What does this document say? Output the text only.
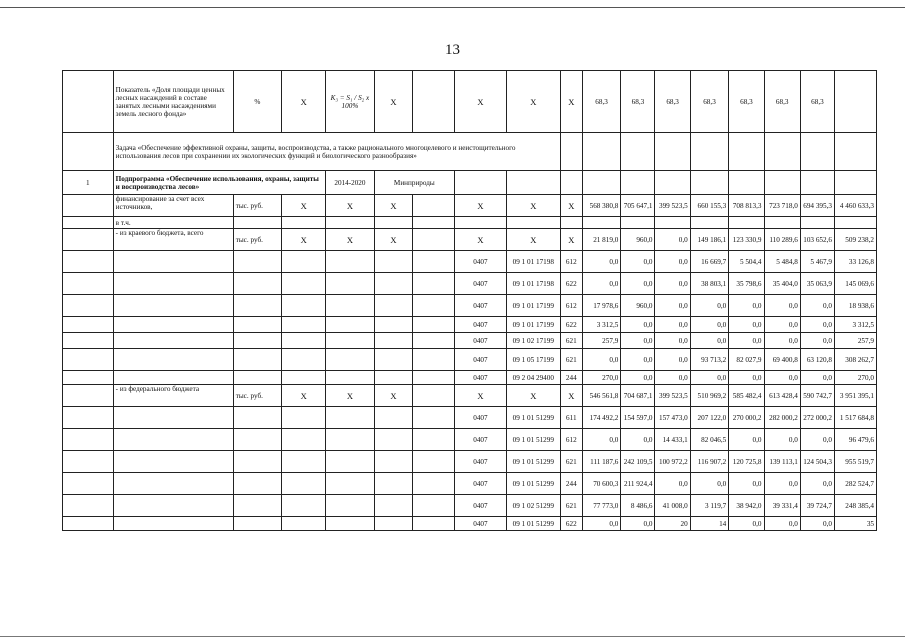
13
	Показатель «Доля площади ценных лесных насаждений в составе занятых лесными насаждениями земель лесного фонда»	%	X	K₃ = S₁ / S₂ x 100%	X		X	X	X	68,3	68,3	68,3	68,3	68,3	68,3	68,3	
	Задача «Обеспечение эффективной охраны, защиты, воспроизводства, а также рационального многоцелевого и неистощительного использования лесов при сохранении их экологических функций и биологического разнообразия»																
1	Подпрограмма «Обеспечение использования, охраны, защиты и воспроизводства лесов»			2014-2020	Минприроды												
	финансирование за счет всех источников,	тыс. руб.	X	X	X		X	X	X	568 380,8	705 647,1	399 523,5	660 155,3	708 813,3	723 718,0	694 395,3	4 460 633,3
	в т.ч.																
	- из краевого бюджета, всего	тыс. руб.	X	X	X		X	X	X	21 819,0	960,0	0,0	149 186,1	123 330,9	110 289,6	103 652,6	509 238,2
							0407	09 1 01 17198	612	0,0	0,0	0,0	16 669,7	5 504,4	5 484,8	5 467,9	33 126,8
							0407	09 1 01 17198	622	0,0	0,0	0,0	38 803,1	35 798,6	35 404,0	35 063,9	145 069,6
							0407	09 1 01 17199	612	17 978,6	960,0	0,0	0,0	0,0	0,0	0,0	18 938,6
							0407	09 1 01 17199	622	3 312,5	0,0	0,0	0,0	0,0	0,0	0,0	3 312,5
							0407	09 1 02 17199	621	257,9	0,0	0,0	0,0	0,0	0,0	0,0	257,9
							0407	09 1 05 17199	621	0,0	0,0	0,0	93 713,2	82 027,9	69 400,8	63 120,8	308 262,7
							0407	09 2 04 29400	244	270,0	0,0	0,0	0,0	0,0	0,0	0,0	270,0
	- из федерального бюджета	тыс. руб.	X	X	X		X	X	X	546 561,8	704 687,1	399 523,5	510 969,2	585 482,4	613 428,4	590 742,7	3 951 395,1
							0407	09 1 01 51299	611	174 492,2	154 597,0	157 473,0	207 122,0	270 000,2	282 000,2	272 000,2	1 517 684,8
							0407	09 1 01 51299	612	0,0	0,0	14 433,1	82 046,5	0,0	0,0	0,0	96 479,6
							0407	09 1 01 51299	621	111 187,6	242 109,5	100 972,2	116 907,2	120 725,8	139 113,1	124 504,3	955 519,7
							0407	09 1 01 51299	244	70 600,3	211 924,4	0,0	0,0	0,0	0,0	0,0	282 524,7
							0407	09 1 02 51299	621	77 773,0	8 486,6	41 008,0	3 119,7	38 942,0	39 331,4	39 724,7	248 385,4
							0407	09 1 01 51299	622	0,0	0,0	20	14	0,0	0,0	0,0	35
